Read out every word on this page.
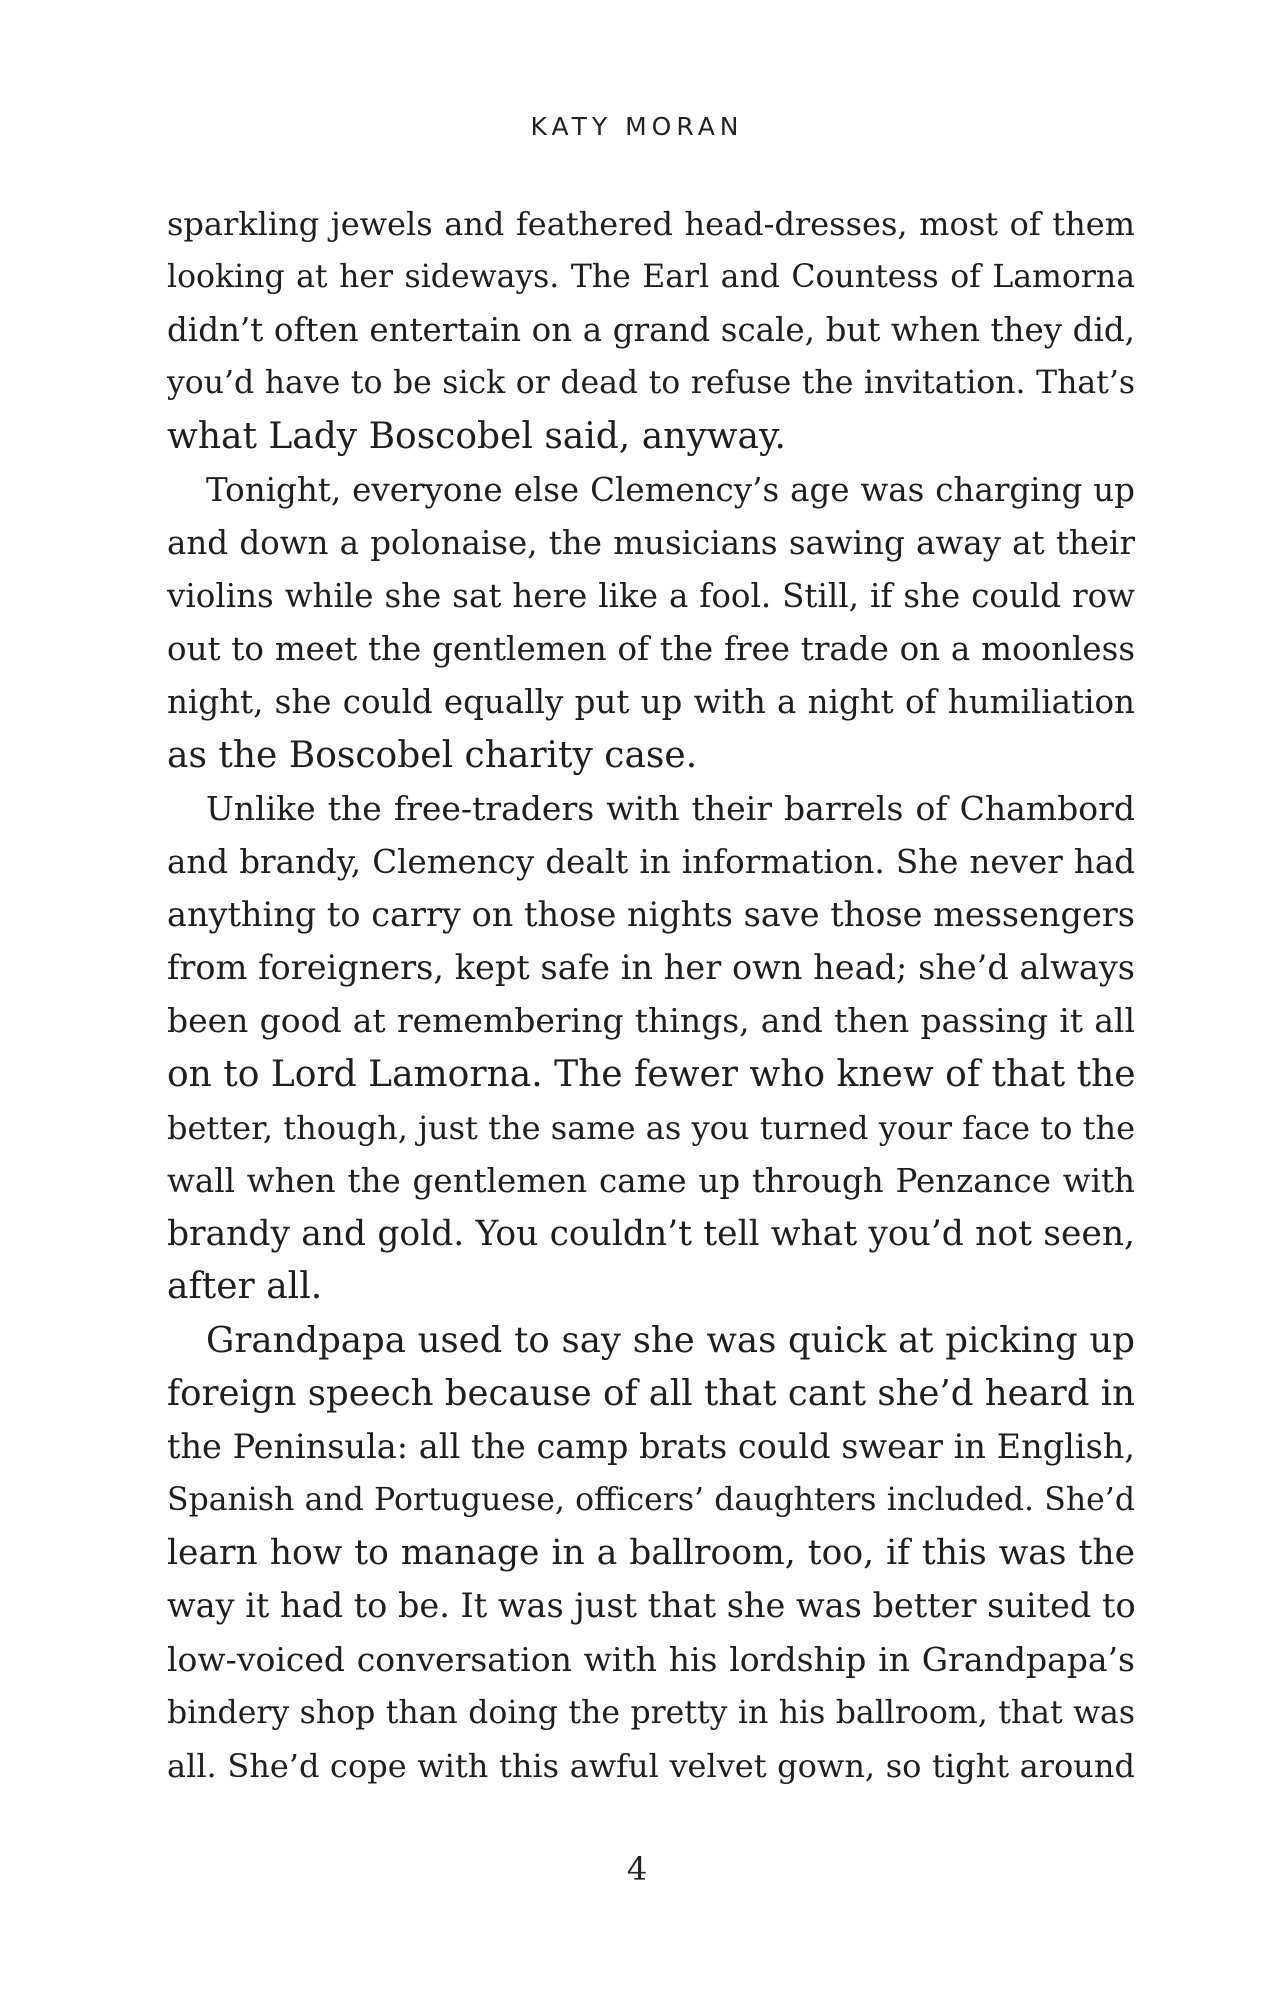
KATY MORAN
sparkling jewels and feathered head-dresses, most of them
looking at her sideways. The Earl and Countess of Lamorna
didn’t often entertain on a grand scale, but when they did,
you’d have to be sick or dead to refuse the invitation. That’s
what Lady Boscobel said, anyway.
Tonight, everyone else Clemency’s age was charging up
and down a polonaise, the musicians sawing away at their
violins while she sat here like a fool. Still, if she could row
out to meet the gentlemen of the free trade on a moonless
night, she could equally put up with a night of humiliation
as the Boscobel charity case.
Unlike the free-traders with their barrels of Chambord
and brandy, Clemency dealt in information. She never had
anything to carry on those nights save those messengers
from foreigners, kept safe in her own head; she’d always
been good at remembering things, and then passing it all
on to Lord Lamorna. The fewer who knew of that the
better, though, just the same as you turned your face to the
wall when the gentlemen came up through Penzance with
brandy and gold. You couldn’t tell what you’d not seen,
after all.
Grandpapa used to say she was quick at picking up
foreign speech because of all that cant she’d heard in
the Peninsula: all the camp brats could swear in English,
Spanish and Portuguese, officers’ daughters included. She’d
learn how to manage in a ballroom, too, if this was the
way it had to be. It was just that she was better suited to
low-voiced conversation with his lordship in Grandpapa’s
bindery shop than doing the pretty in his ballroom, that was
all. She’d cope with this awful velvet gown, so tight around
4
